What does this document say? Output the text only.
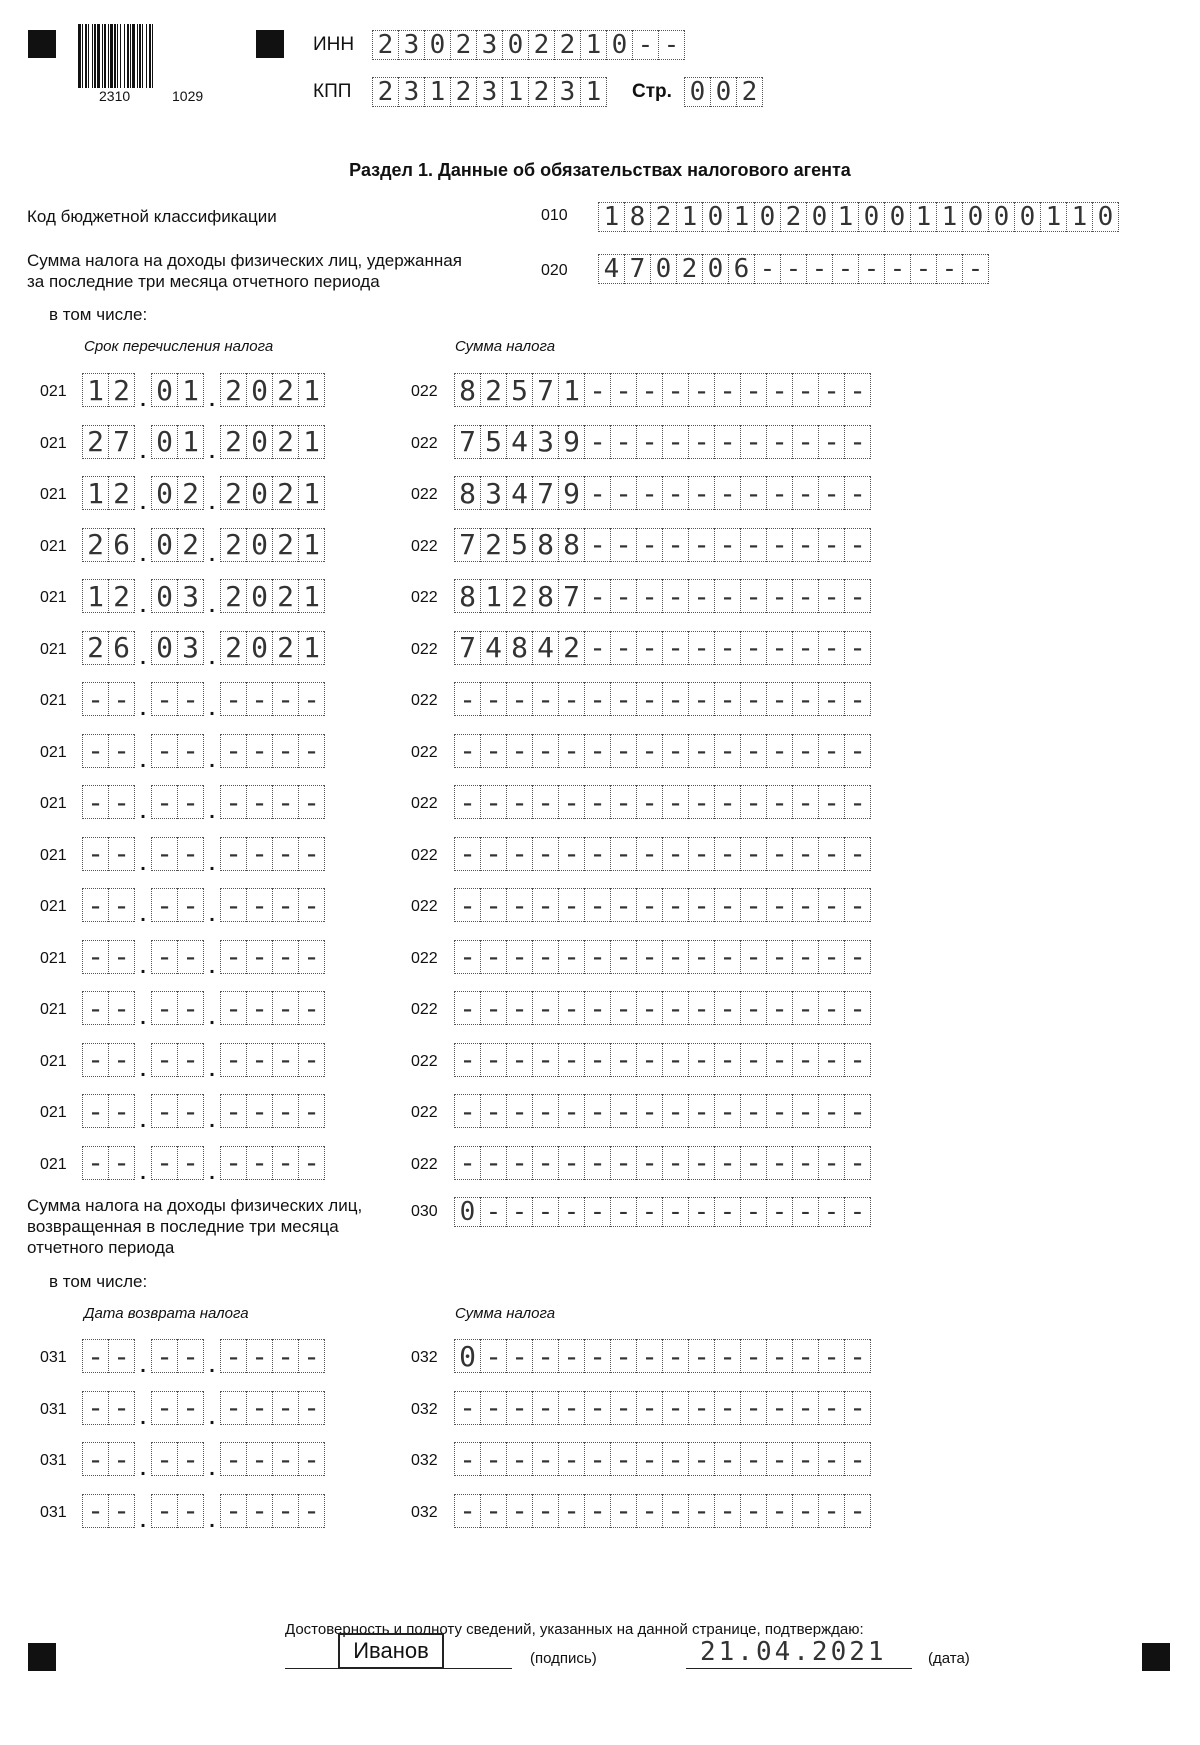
2310	1029
ИНН 2 3 0 2 3 0 2 2 1 0 - -
КПП 2 3 1 2 3 1 2 3 1 Стр. 0 0 2
Раздел 1. Данные об обязательствах налогового агента
Код бюджетной классификации	010 1 8 2 1 0 1 0 2 0 1 0 0 1 1 0 0 0 1 1 0
Сумма налога на доходы физических лиц, удержанная
за последние три месяца отчетного периода
020 4 7 0 2 0 6 - - - - - - - - -
в том числе:
Срок перечисления налога	Сумма налога
021 1 2 . 0 1 . 2 0 2 1	022 8 2 5 7 1 - - - - - - - - - - -
021 2 7 . 0 1 . 2 0 2 1	022 7 5 4 3 9 - - - - - - - - - - -
021 1 2 . 0 2 . 2 0 2 1	022 8 3 4 7 9 - - - - - - - - - - -
021 2 6 . 0 2 . 2 0 2 1	022 7 2 5 8 8 - - - - - - - - - - -
021 1 2 . 0 3 . 2 0 2 1	022 8 1 2 8 7 - - - - - - - - - - -
021 2 6 . 0 3 . 2 0 2 1	022 7 4 8 4 2 - - - - - - - - - - -
021 - - . - - . - - - -	022 - - - - - - - - - - - - - - - -
021 - - . - - . - - - -	022 - - - - - - - - - - - - - - - -
021 - - . - - . - - - -	022 - - - - - - - - - - - - - - - -
021 - - . - - . - - - -	022 - - - - - - - - - - - - - - - -
021 - - . - - . - - - -	022 - - - - - - - - - - - - - - - -
021 - - . - - . - - - -	022 - - - - - - - - - - - - - - - -
021 - - . - - . - - - -	022 - - - - - - - - - - - - - - - -
021 - - . - - . - - - -	022 - - - - - - - - - - - - - - - -
021 - - . - - . - - - -	022 - - - - - - - - - - - - - - - -
021 - - . - - . - - - -	022 - - - - - - - - - - - - - - - -
Сумма налога на доходы физических лиц,
возвращенная в последние три месяца
отчетного периода
030 0 - - - - - - - - - - - - - - -
в том числе:
Дата возврата налога	Сумма налога
031 - - . - - . - - - -	032 0 - - - - - - - - - - - - - - -
031 - - . - - . - - - -	032 - - - - - - - - - - - - - - - -
031 - - . - - . - - - -	032 - - - - - - - - - - - - - - - -
031 - - . - - . - - - -	032 - - - - - - - - - - - - - - - -
Достоверность и полноту сведений, указанных на данной странице, подтверждаю:
Иванов	(подпись)	21.04.2021	(дата)
